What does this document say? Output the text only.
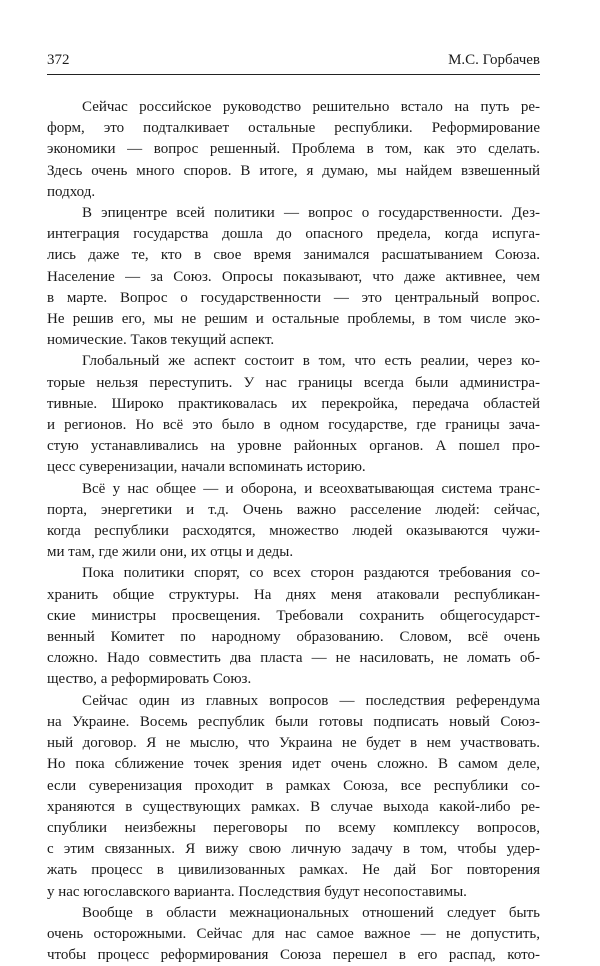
372	М.С. Горбачев
Сейчас российское руководство решительно встало на путь ре-
форм, это подталкивает остальные республики. Реформирование
экономики — вопрос решенный. Проблема в том, как это сделать.
Здесь очень много споров. В итоге, я думаю, мы найдем взвешенный
подход.
В эпицентре всей политики — вопрос о государственности. Дез-
интеграция государства дошла до опасного предела, когда испуга-
лись даже те, кто в свое время занимался расшатыванием Союза.
Население — за Союз. Опросы показывают, что даже активнее, чем
в марте. Вопрос о государственности — это центральный вопрос.
Не решив его, мы не решим и остальные проблемы, в том числе эко-
номические. Таков текущий аспект.
Глобальный же аспект состоит в том, что есть реалии, через ко-
торые нельзя переступить. У нас границы всегда были администра-
тивные. Широко практиковалась их перекройка, передача областей
и регионов. Но всё это было в одном государстве, где границы зача-
стую устанавливались на уровне районных органов. А пошел про-
цесс суверенизации, начали вспоминать историю.
Всё у нас общее — и оборона, и всеохватывающая система транс-
порта, энергетики и т.д. Очень важно расселение людей: сейчас,
когда республики расходятся, множество людей оказываются чужи-
ми там, где жили они, их отцы и деды.
Пока политики спорят, со всех сторон раздаются требования со-
хранить общие структуры. На днях меня атаковали республикан-
ские министры просвещения. Требовали сохранить общегосударст-
венный Комитет по народному образованию. Словом, всё очень
сложно. Надо совместить два пласта — не насиловать, не ломать об-
щество, а реформировать Союз.
Сейчас один из главных вопросов — последствия референдума
на Украине. Восемь республик были готовы подписать новый Союз-
ный договор. Я не мыслю, что Украина не будет в нем участвовать.
Но пока сближение точек зрения идет очень сложно. В самом деле,
если суверенизация проходит в рамках Союза, все республики со-
храняются в существующих рамках. В случае выхода какой-либо ре-
спублики неизбежны переговоры по всему комплексу вопросов,
с этим связанных. Я вижу свою личную задачу в том, чтобы удер-
жать процесс в цивилизованных рамках. Не дай Бог повторения
у нас югославского варианта. Последствия будут несопоставимы.
Вообще в области межнациональных отношений следует быть
очень осторожными. Сейчас для нас самое важное — не допустить,
чтобы процесс реформирования Союза перешел в его распад, кото-
